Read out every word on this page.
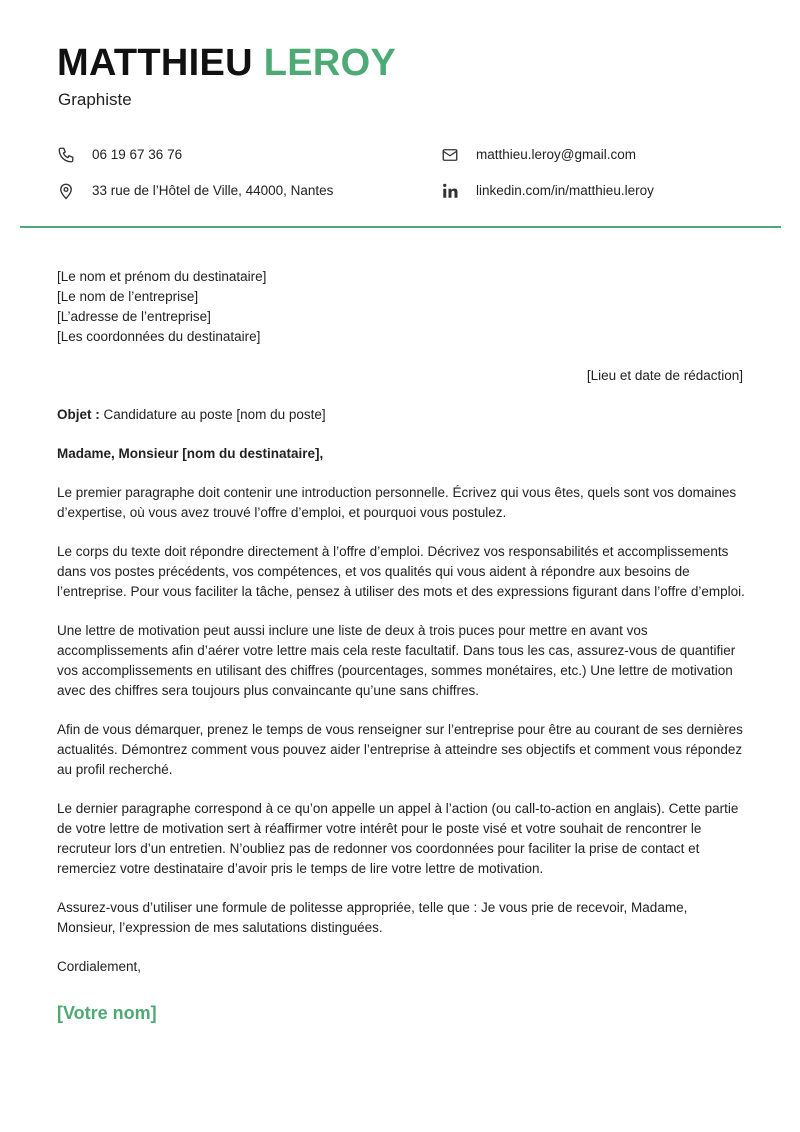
MATTHIEU LEROY
Graphiste
06 19 67 36 76
33 rue de l’Hôtel de Ville, 44000, Nantes
matthieu.leroy@gmail.com
linkedin.com/in/matthieu.leroy
[Le nom et prénom du destinataire]
[Le nom de l’entreprise]
[L’adresse de l’entreprise]
[Les coordonnées du destinataire]
[Lieu et date de rédaction]

Objet : Candidature au poste [nom du poste]

Madame, Monsieur [nom du destinataire],

Le premier paragraphe doit contenir une introduction personnelle. Écrivez qui vous êtes, quels sont vos domaines d’expertise, où vous avez trouvé l’offre d’emploi, et pourquoi vous postulez.

Le corps du texte doit répondre directement à l’offre d’emploi. Décrivez vos responsabilités et accomplissements dans vos postes précédents, vos compétences, et vos qualités qui vous aident à répondre aux besoins de l’entreprise. Pour vous faciliter la tâche, pensez à utiliser des mots et des expressions figurant dans l’offre d’emploi.

Une lettre de motivation peut aussi inclure une liste de deux à trois puces pour mettre en avant vos accomplissements afin d’aérer votre lettre mais cela reste facultatif. Dans tous les cas, assurez-vous de quantifier vos accomplissements en utilisant des chiffres (pourcentages, sommes monétaires, etc.) Une lettre de motivation avec des chiffres sera toujours plus convaincante qu’une sans chiffres.

Afin de vous démarquer, prenez le temps de vous renseigner sur l’entreprise pour être au courant de ses dernières actualités. Démontrez comment vous pouvez aider l’entreprise à atteindre ses objectifs et comment vous répondez au profil recherché.

Le dernier paragraphe correspond à ce qu’on appelle un appel à l’action (ou call-to-action en anglais). Cette partie de votre lettre de motivation sert à réaffirmer votre intérêt pour le poste visé et votre souhait de rencontrer le recruteur lors d’un entretien. N’oubliez pas de redonner vos coordonnées pour faciliter la prise de contact et remerciez votre destinataire d’avoir pris le temps de lire votre lettre de motivation.

Assurez-vous d’utiliser une formule de politesse appropriée, telle que : Je vous prie de recevoir, Madame, Monsieur, l’expression de mes salutations distinguées.

Cordialement,

[Votre nom]
